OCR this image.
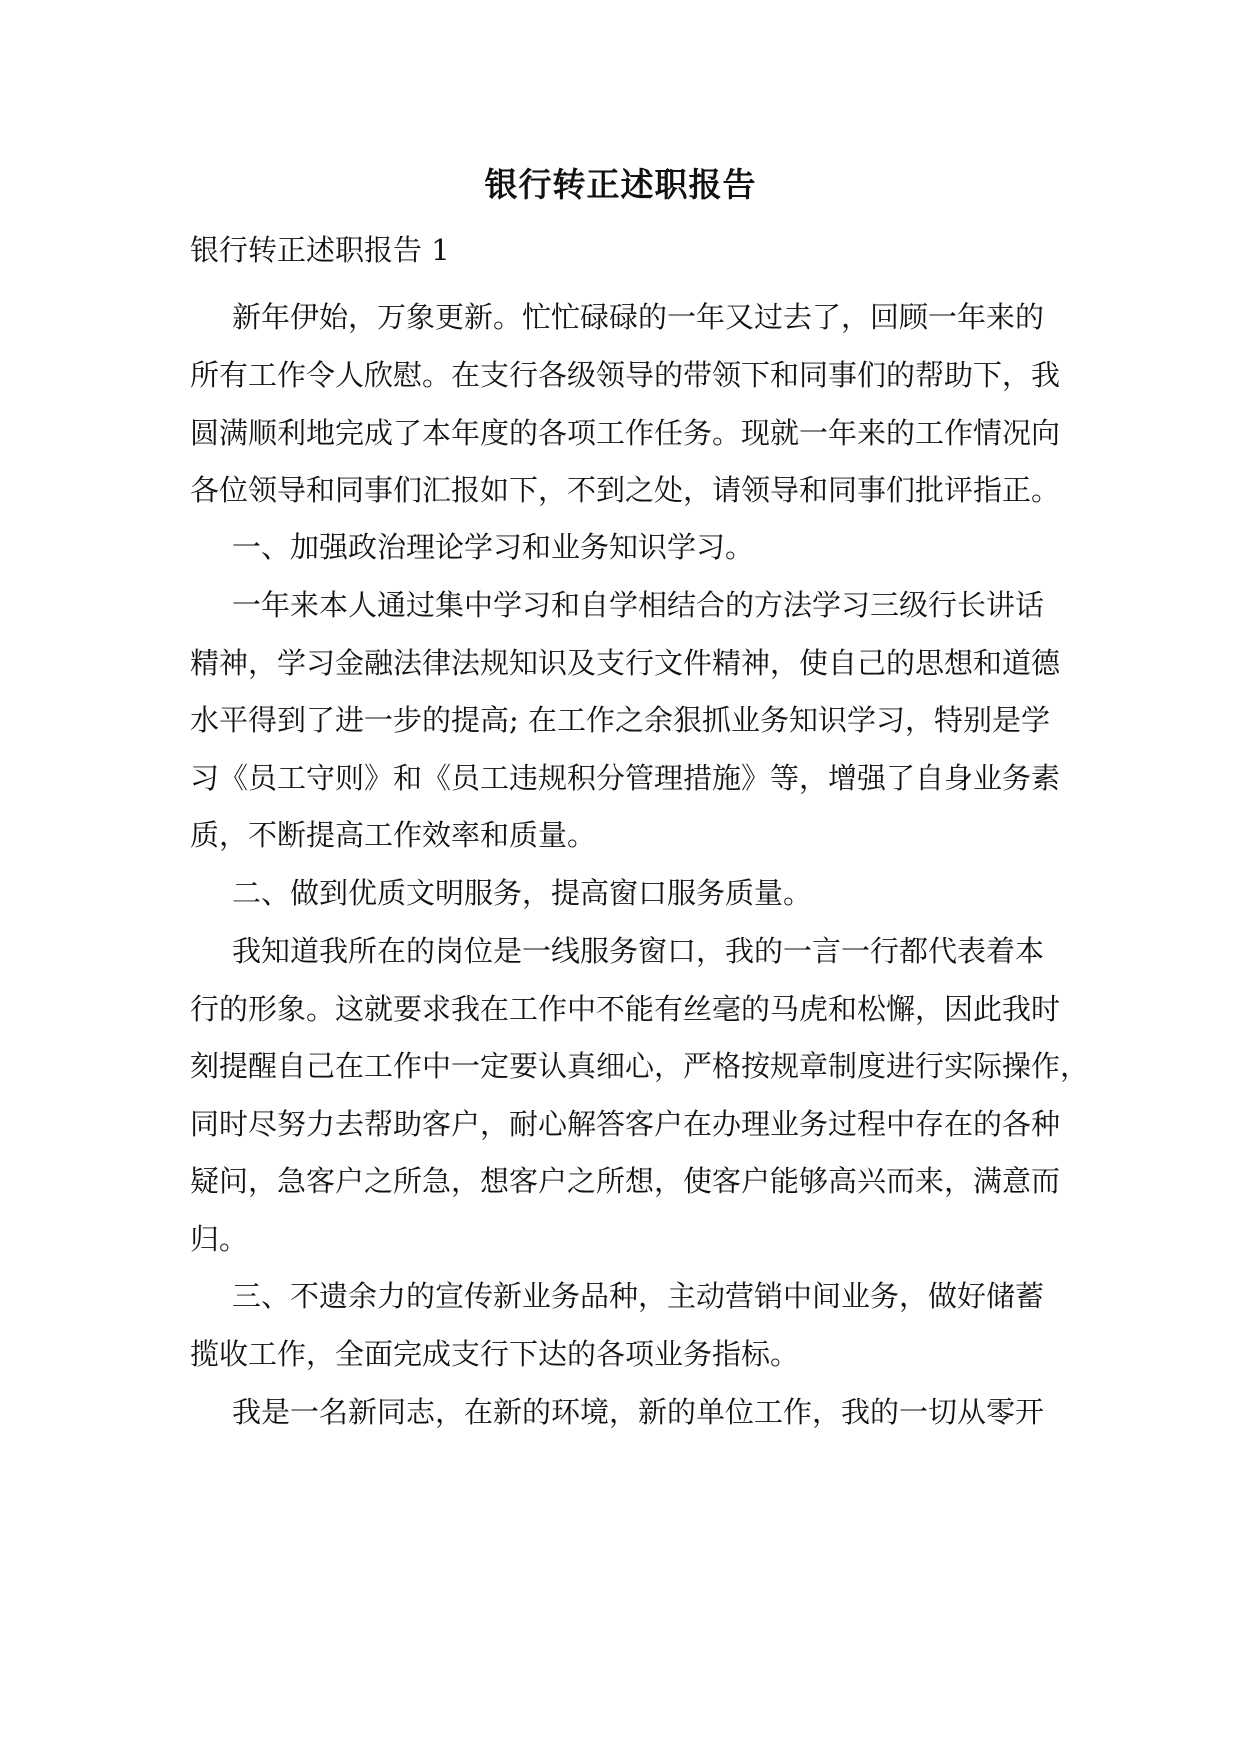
银行转正述职报告
银行转正述职报告 1
新年伊始，万象更新。忙忙碌碌的一年又过去了，回顾一年来的
所有工作令人欣慰。在支行各级领导的带领下和同事们的帮助下，我
圆满顺利地完成了本年度的各项工作任务。现就一年来的工作情况向
各位领导和同事们汇报如下，不到之处，请领导和同事们批评指正。
一、加强政治理论学习和业务知识学习。
一年来本人通过集中学习和自学相结合的方法学习三级行长讲话
精神，学习金融法律法规知识及支行文件精神，使自己的思想和道德
水平得到了进一步的提高; 在工作之余狠抓业务知识学习，特别是学
习《员工守则》和《员工违规积分管理措施》等，增强了自身业务素
质，不断提高工作效率和质量。
二、做到优质文明服务，提高窗口服务质量。
我知道我所在的岗位是一线服务窗口，我的一言一行都代表着本
行的形象。这就要求我在工作中不能有丝毫的马虎和松懈，因此我时
刻提醒自己在工作中一定要认真细心，严格按规章制度进行实际操作，
同时尽努力去帮助客户，耐心解答客户在办理业务过程中存在的各种
疑问，急客户之所急，想客户之所想，使客户能够高兴而来，满意而
归。
三、不遗余力的宣传新业务品种，主动营销中间业务，做好储蓄
揽收工作，全面完成支行下达的各项业务指标。
我是一名新同志，在新的环境，新的单位工作，我的一切从零开
